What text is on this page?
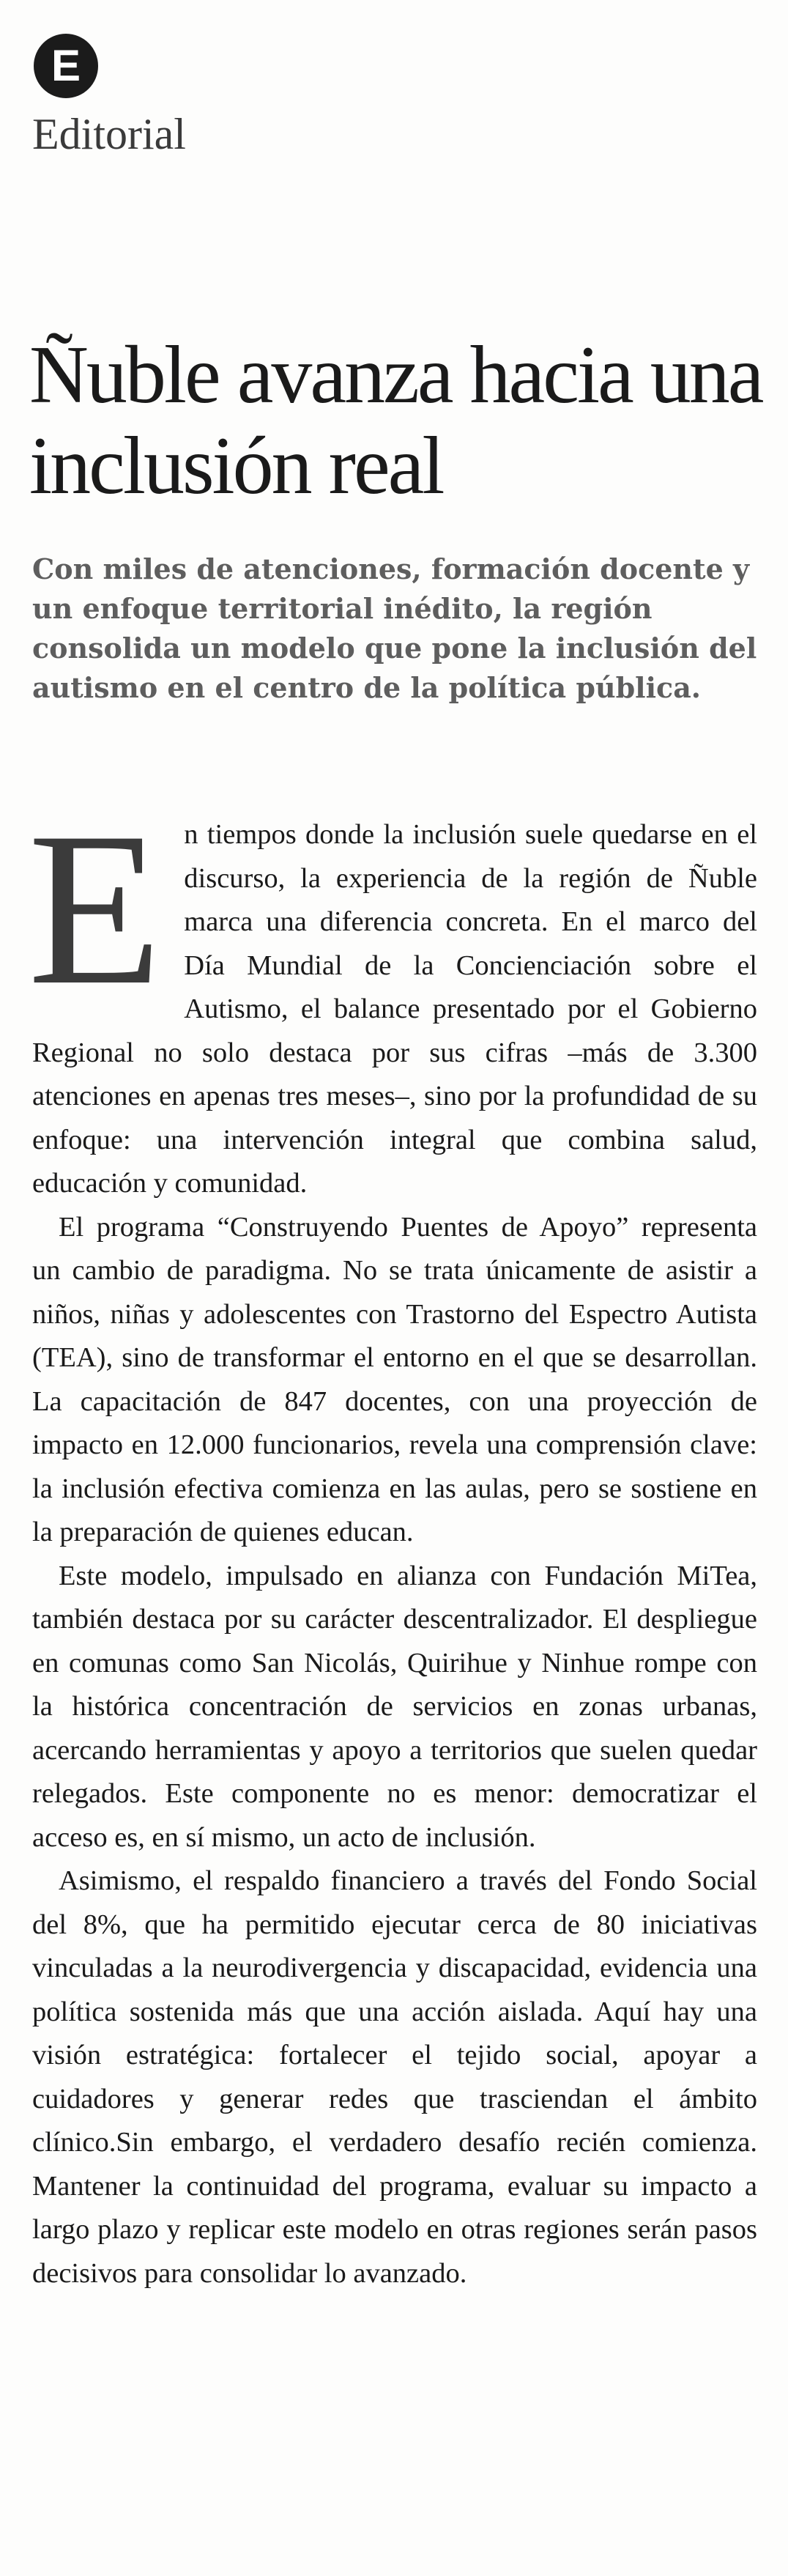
E
Editorial
Ñuble avanza hacia una inclusión real

Con miles de atenciones, formación docente y un enfoque territorial inédito, la región consolida un modelo que pone la inclusión del autismo en el centro de la política pública.

En tiempos donde la inclusión suele quedarse en el discurso, la experiencia de la región de Ñuble marca una diferencia concreta. En el marco del Día Mundial de la Concienciación sobre el Autismo, el balance presentado por el Gobierno Regional no solo destaca por sus cifras –más de 3.300 atenciones en apenas tres meses–, sino por la profundidad de su enfoque: una intervención integral que combina salud, educación y comunidad.

El programa “Construyendo Puentes de Apoyo” representa un cambio de paradigma. No se trata únicamente de asistir a niños, niñas y adolescentes con Trastorno del Espectro Autista (TEA), sino de transformar el entorno en el que se desarrollan. La capacitación de 847 docentes, con una proyección de impacto en 12.000 funcionarios, revela una comprensión clave: la inclusión efectiva comienza en las aulas, pero se sostiene en la preparación de quienes educan.

Este modelo, impulsado en alianza con Fundación MiTea, también destaca por su carácter descentralizador. El despliegue en comunas como San Nicolás, Quirihue y Ninhue rompe con la histórica concentración de servicios en zonas urbanas, acercando herramientas y apoyo a territorios que suelen quedar relegados. Este componente no es menor: democratizar el acceso es, en sí mismo, un acto de inclusión.

Asimismo, el respaldo financiero a través del Fondo Social del 8%, que ha permitido ejecutar cerca de 80 iniciativas vinculadas a la neurodivergencia y discapacidad, evidencia una política sostenida más que una acción aislada. Aquí hay una visión estratégica: fortalecer el tejido social, apoyar a cuidadores y generar redes que trasciendan el ámbito clínico.Sin embargo, el verdadero desafío recién comienza. Mantener la continuidad del programa, evaluar su impacto a largo plazo y replicar este modelo en otras regiones serán pasos decisivos para consolidar lo avanzado.
